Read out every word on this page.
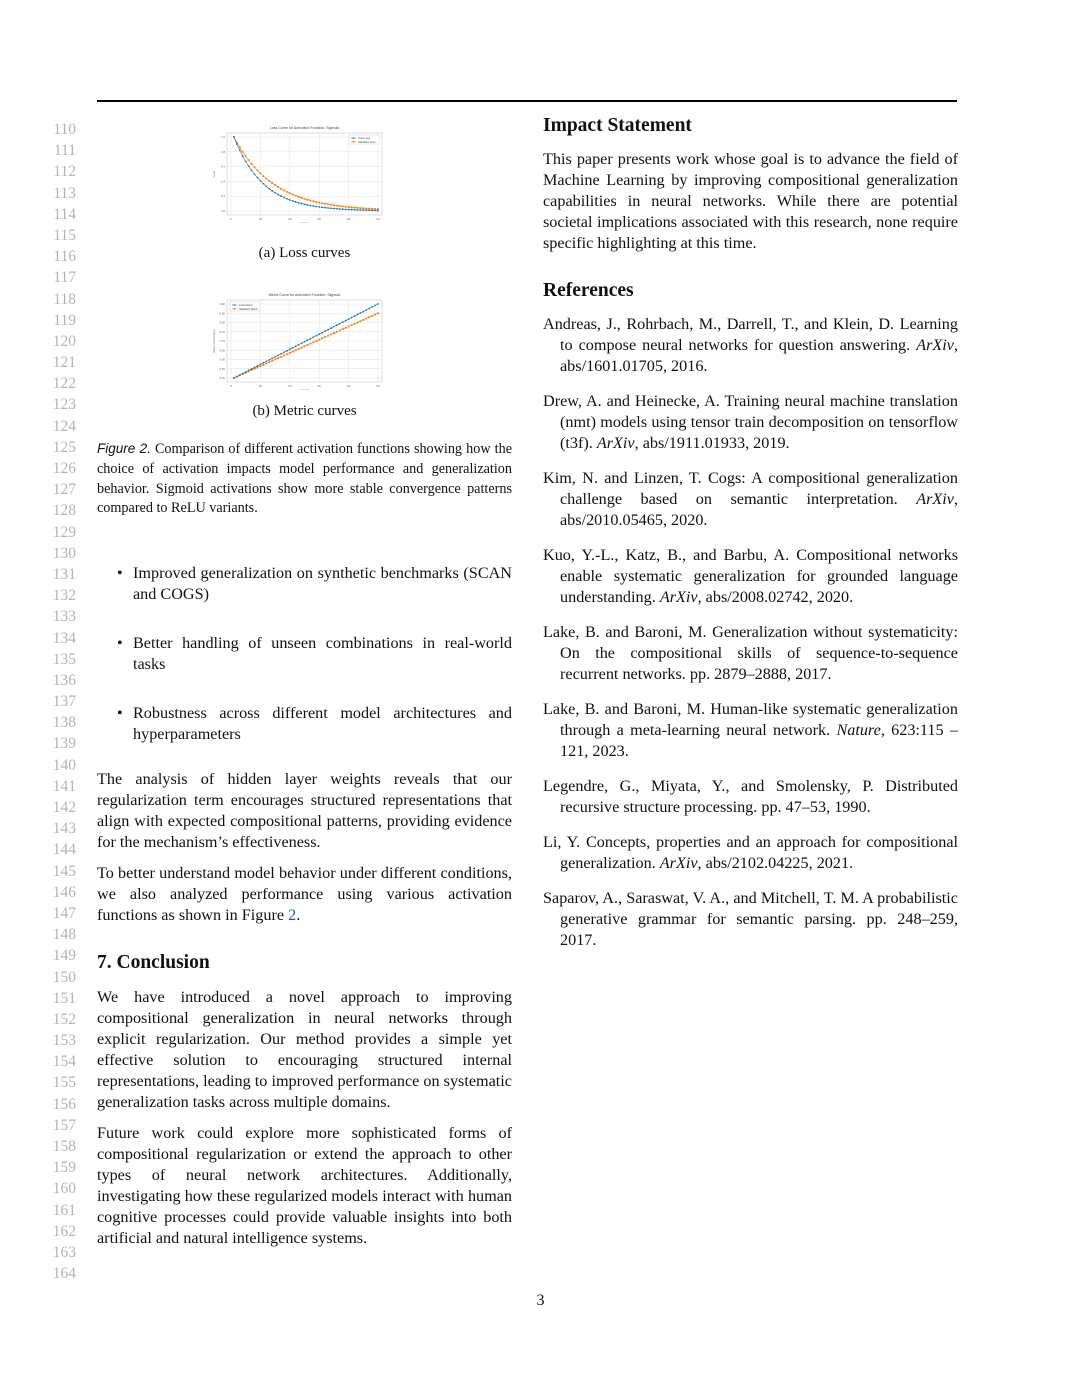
110
111
112
113
114
115
116
117
118
119
120
121
122
123
124
125
126
127
128
129
130
131
132
133
134
135
136
137
138
139
140
141
142
143
144
145
146
147
148
149
150
151
152
153
154
155
156
157
158
159
160
161
162
163
164
Loss Curve for Activation Function: Sigmoid
0	10	20	30	40	50
0.0
0.2
0.4
0.6
0.8
1.0
Epoch
Loss
Train Loss
Validation Loss
(a) Loss curves
Metric Curve for Activation Function: Sigmoid
0	10	20	30	40	50
0.50
0.55
0.60
0.65
0.70
0.75
0.80
0.85
0.90
Epoch
Metric (Accuracy)
Train Metric
Validation Metric
(b) Metric curves
Figure 2. Comparison of different activation functions showing how the choice of activation impacts model performance and generalization behavior. Sigmoid activations show more stable convergence patterns compared to ReLU variants.
• Improved generalization on synthetic benchmarks (SCAN and COGS)
• Better handling of unseen combinations in real-world tasks
• Robustness across different model architectures and hyperparameters

The analysis of hidden layer weights reveals that our regularization term encourages structured representations that align with expected compositional patterns, providing evidence for the mechanism’s effectiveness.

To better understand model behavior under different conditions, we also analyzed performance using various activation functions as shown in Figure 2.

7. Conclusion

We have introduced a novel approach to improving compositional generalization in neural networks through explicit regularization. Our method provides a simple yet effective solution to encouraging structured internal representations, leading to improved performance on systematic generalization tasks across multiple domains.

Future work could explore more sophisticated forms of compositional regularization or extend the approach to other types of neural network architectures. Additionally, investigating how these regularized models interact with human cognitive processes could provide valuable insights into both artificial and natural intelligence systems.

Impact Statement

This paper presents work whose goal is to advance the field of Machine Learning by improving compositional generalization capabilities in neural networks. While there are potential societal implications associated with this research, none require specific highlighting at this time.

References

Andreas, J., Rohrbach, M., Darrell, T., and Klein, D. Learning to compose neural networks for question answering. ArXiv, abs/1601.01705, 2016.

Drew, A. and Heinecke, A. Training neural machine translation (nmt) models using tensor train decomposition on tensorflow (t3f). ArXiv, abs/1911.01933, 2019.

Kim, N. and Linzen, T. Cogs: A compositional generalization challenge based on semantic interpretation. ArXiv, abs/2010.05465, 2020.

Kuo, Y.-L., Katz, B., and Barbu, A. Compositional networks enable systematic generalization for grounded language understanding. ArXiv, abs/2008.02742, 2020.

Lake, B. and Baroni, M. Generalization without systematicity: On the compositional skills of sequence-to-sequence recurrent networks. pp. 2879–2888, 2017.

Lake, B. and Baroni, M. Human-like systematic generalization through a meta-learning neural network. Nature, 623:115 – 121, 2023.

Legendre, G., Miyata, Y., and Smolensky, P. Distributed recursive structure processing. pp. 47–53, 1990.

Li, Y. Concepts, properties and an approach for compositional generalization. ArXiv, abs/2102.04225, 2021.

Saparov, A., Saraswat, V. A., and Mitchell, T. M. A probabilistic generative grammar for semantic parsing. pp. 248–259, 2017.

3
